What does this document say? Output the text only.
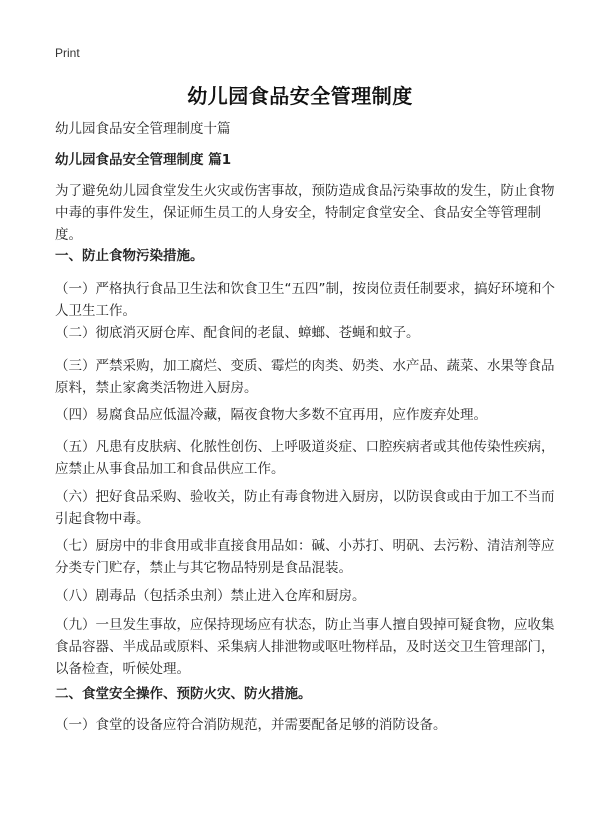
Print
幼儿园食品安全管理制度

幼儿园食品安全管理制度十篇

幼儿园食品安全管理制度 篇1

为了避免幼儿园食堂发生火灾或伤害事故，预防造成食品污染事故的发生，防止食物中毒的事件发生，保证师生员工的人身安全，特制定食堂安全、食品安全等管理制度。

一、防止食物污染措施。

（一）严格执行食品卫生法和饮食卫生“五四”制，按岗位责任制要求，搞好环境和个人卫生工作。

（二）彻底消灭厨仓库、配食间的老鼠、蟑螂、苍蝇和蚊子。

（三）严禁采购，加工腐烂、变质、霉烂的肉类、奶类、水产品、蔬菜、水果等食品原料，禁止家禽类活物进入厨房。

（四）易腐食品应低温冷藏，隔夜食物大多数不宜再用，应作废弃处理。

（五）凡患有皮肤病、化脓性创伤、上呼吸道炎症、口腔疾病者或其他传染性疾病，应禁止从事食品加工和食品供应工作。

（六）把好食品采购、验收关，防止有毒食物进入厨房，以防误食或由于加工不当而引起食物中毒。

（七）厨房中的非食用或非直接食用品如：碱、小苏打、明矾、去污粉、清洁剂等应分类专门贮存，禁止与其它物品特别是食品混装。

（八）剧毒品（包括杀虫剂）禁止进入仓库和厨房。

（九）一旦发生事故，应保持现场应有状态，防止当事人擅自毁掉可疑食物，应收集食品容器、半成品或原料、采集病人排泄物或呕吐物样品，及时送交卫生管理部门，以备检查，听候处理。

二、食堂安全操作、预防火灾、防火措施。

（一）食堂的设备应符合消防规范，并需要配备足够的消防设备。
